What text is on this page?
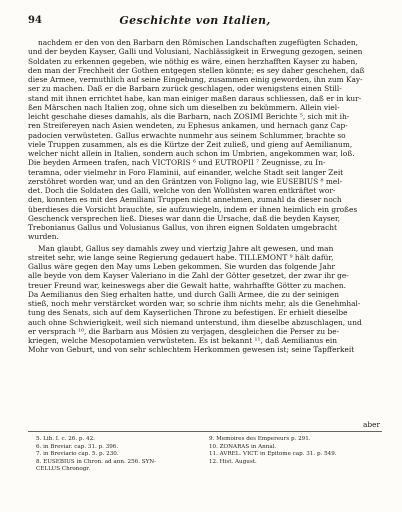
94	Geschichte von Italien,
nachdem er den von den Barbarn den Römischen Landschaften zugefügten Schaden,
und der beyden Kayser, Galli und Volusiani, Nachlässigkeit in Erwegung gezogen, seinen
Soldaten zu erkennen gegeben, wie nöthig es wäre, einen herzhafften Kayser zu haben,
den man der Frechheit der Gothen entgegen stellen könnte; es sey daher geschehen, daß
diese Armee, vermuthlich auf seine Eingebung, zusammen einig geworden, ihn zum Kay-
ser zu machen. Daß er die Barbarn zurück geschlagen, oder wenigstens einen Still-
stand mit ihnen errichtet habe, kan man einiger maßen daraus schliessen, daß er in kur-
ßen Märschen nach Italien zog, ohne sich um dieselben zu bekümmern. Allein viel-
leicht geschahe dieses damahls, als die Barbarn, nach ZOSIMI Berichte ⁵, sich mit ih-
ren Streifereyen nach Asien wendeten, zu Ephesus ankamen, und hernach ganz Cap-
padocien verwüsteten. Gallus erwachte nunmehr aus seinem Schlummer, brachte so
viele Truppen zusammen, als es die Kürtze der Zeit zuließ, und gieng auf Aemilianum,
welcher nicht allein in Italien, sondern auch schon im Umbrien, angekommen war, loß.
Die beyden Armeen trafen, nach VICTORIS ⁶ und EUTROPII ⁷ Zeugnisse, zu In-
teramna, oder vielmehr in Foro Flaminii, auf einander, welche Stadt seit langer Zeit
zerstöhret worden war, und an den Gräntzen von Foligno lag, wie EUSEBIUS ⁸ mel-
det. Doch die Soldaten des Galli, welche von den Wollüsten waren entkräftet wor-
den, konnten es mit des Aemiliani Truppen nicht annehmen, zumahl da dieser noch
überdieses die Vorsicht brauchte, sie aufzuwiegeln, indem er ihnen heimlich ein großes
Geschenck versprechen ließ. Dieses war dann die Ursache, daß die beyden Kayser,
Trebonianus Gallus und Volusianus Gallus, von ihren eignen Soldaten umgebracht
wurden.
Man glaubt, Gallus sey damahls zwey und viertzig Jahre alt gewesen, und man
streitet sehr, wie lange seine Regierung gedauert habe. TILLEMONT ⁹ hält dafür,
Gallus wäre gegen den May ums Leben gekommen. Sie wurden das folgende Jahr
alle beyde von dem Kayser Valeriano in die Zahl der Götter gesetzet, der zwar ihr ge-
treuer Freund war, keineswegs aber die Gewalt hatte, wahrhaffte Götter zu machen.
Da Aemilianus den Sieg erhalten hatte, und durch Galli Armee, die zu der seinigen
stieß, noch mehr verstärcket worden war, so schrie ihm nichts mehr, als die Genehmhal-
tung des Senats, sich auf dem Kayserlichen Throne zu befestigen. Er erhielt dieselbe
auch ohne Schwierigkeit, weil sich niemand unterstund, ihm dieselbe abzuschlagen, und
er versprach ¹⁰, die Barbarn aus Mösien zu verjagen, desgleichen die Perser zu be-
kriegen, welche Mesopotamien verwüsteten. Es ist bekannt ¹¹, daß Aemilianus ein
Mohr von Geburt, und von sehr schlechtem Herkommen gewesen ist; seine Tapfferkeit
aber
5. Lib. I. c. 26. p. 42.
6. in Breviar. cap. 31. p. 396.
7. in Breviario cap. 5. p. 230.
8. EUSEBIUS in Chron. ad ann. 256. SYN-
CELLUS Chronogr.
9. Memoires des Empereurs p. 291.
10. ZONARAS in Annal.
11. AVREL. VICT. in Epitome cap. 31. p. 549.
12. Hist. August.
